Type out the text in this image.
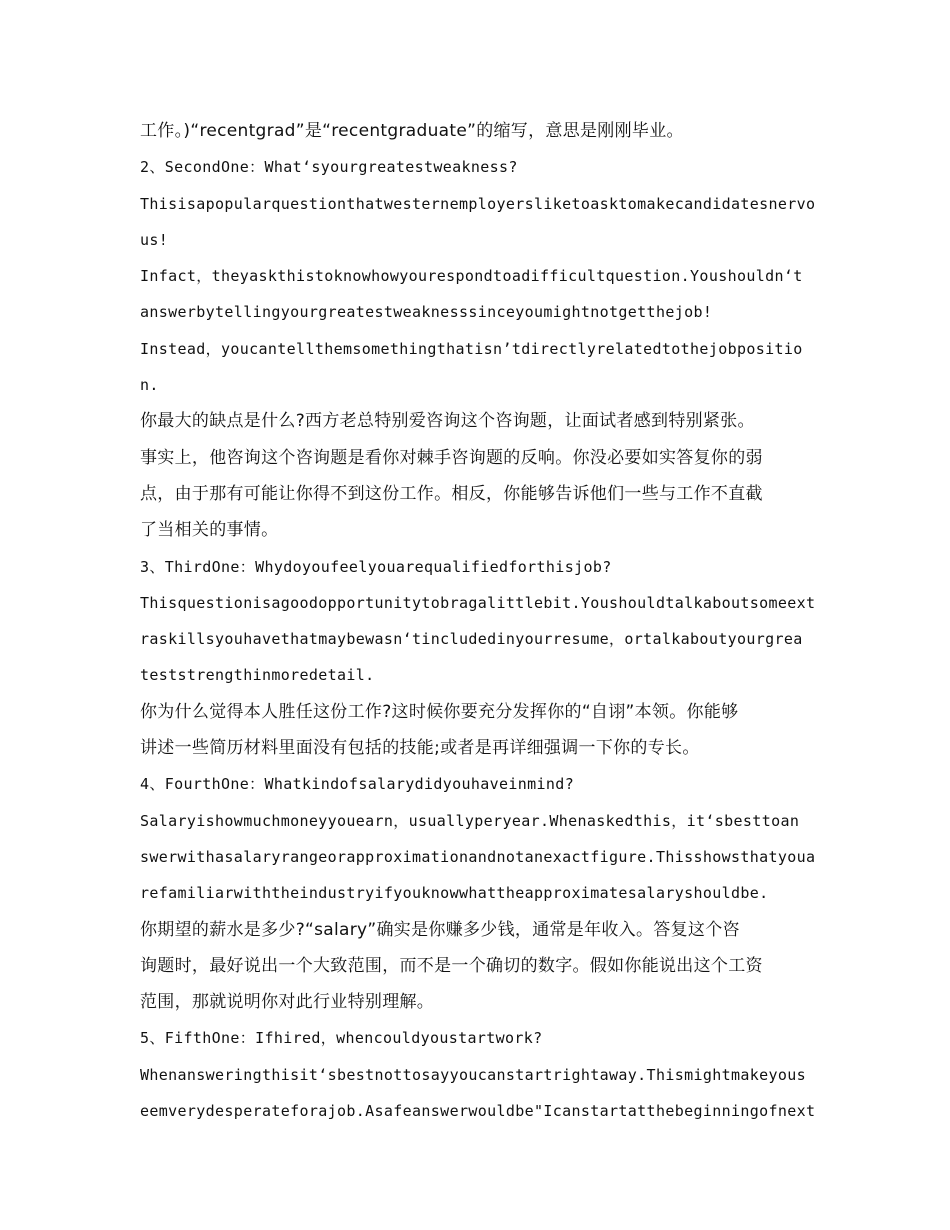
工作。)“recentgrad”是“recentgraduate”的缩写，意思是刚刚毕业。
2、SecondOne：What‘syourgreatestweakness?
Thisisapopularquestionthatwesternemployersliketoasktomakecandidatesnervo
us!
Infact，theyaskthistoknowhowyourespondtoadifficultquestion.Youshouldn‘t
answerbytellingyourgreatestweaknesssinceyoumightnotgetthejob!
Instead，youcantellthemsomethingthatisn’tdirectlyrelatedtothejobpositio
n.
你最大的缺点是什么?西方老总特别爱咨询这个咨询题，让面试者感到特别紧张。
事实上，他咨询这个咨询题是看你对棘手咨询题的反响。你没必要如实答复你的弱
点，由于那有可能让你得不到这份工作。相反，你能够告诉他们一些与工作不直截
了当相关的事情。
3、ThirdOne：Whydoyoufeelyouarequalifiedforthisjob?
Thisquestionisagoodopportunitytobragalittlebit.Youshouldtalkaboutsomeext
raskillsyouhavethatmaybewasn‘tincludedinyourresume，ortalkaboutyourgrea
teststrengthinmoredetail.
你为什么觉得本人胜任这份工作?这时候你要充分发挥你的“自诩”本领。你能够
讲述一些简历材料里面没有包括的技能;或者是再详细强调一下你的专长。
4、FourthOne：Whatkindofsalarydidyouhaveinmind?
Salaryishowmuchmoneyyouearn，usuallyperyear.Whenaskedthis，it‘sbesttoan
swerwithasalaryrangeorapproximationandnotanexactfigure.Thisshowsthatyoua
refamiliarwiththeindustryifyouknowwhattheapproximatesalaryshouldbe.
你期望的薪水是多少?“salary”确实是你赚多少钱，通常是年收入。答复这个咨
询题时，最好说出一个大致范围，而不是一个确切的数字。假如你能说出这个工资
范围，那就说明你对此行业特别理解。
5、FifthOne：Ifhired，whencouldyoustartwork?
Whenansweringthisit‘sbestnottosayyoucanstartrightaway.Thismightmakeyous
eemverydesperateforajob.Asafeanswerwouldbe"Icanstartatthebeginningofnext
